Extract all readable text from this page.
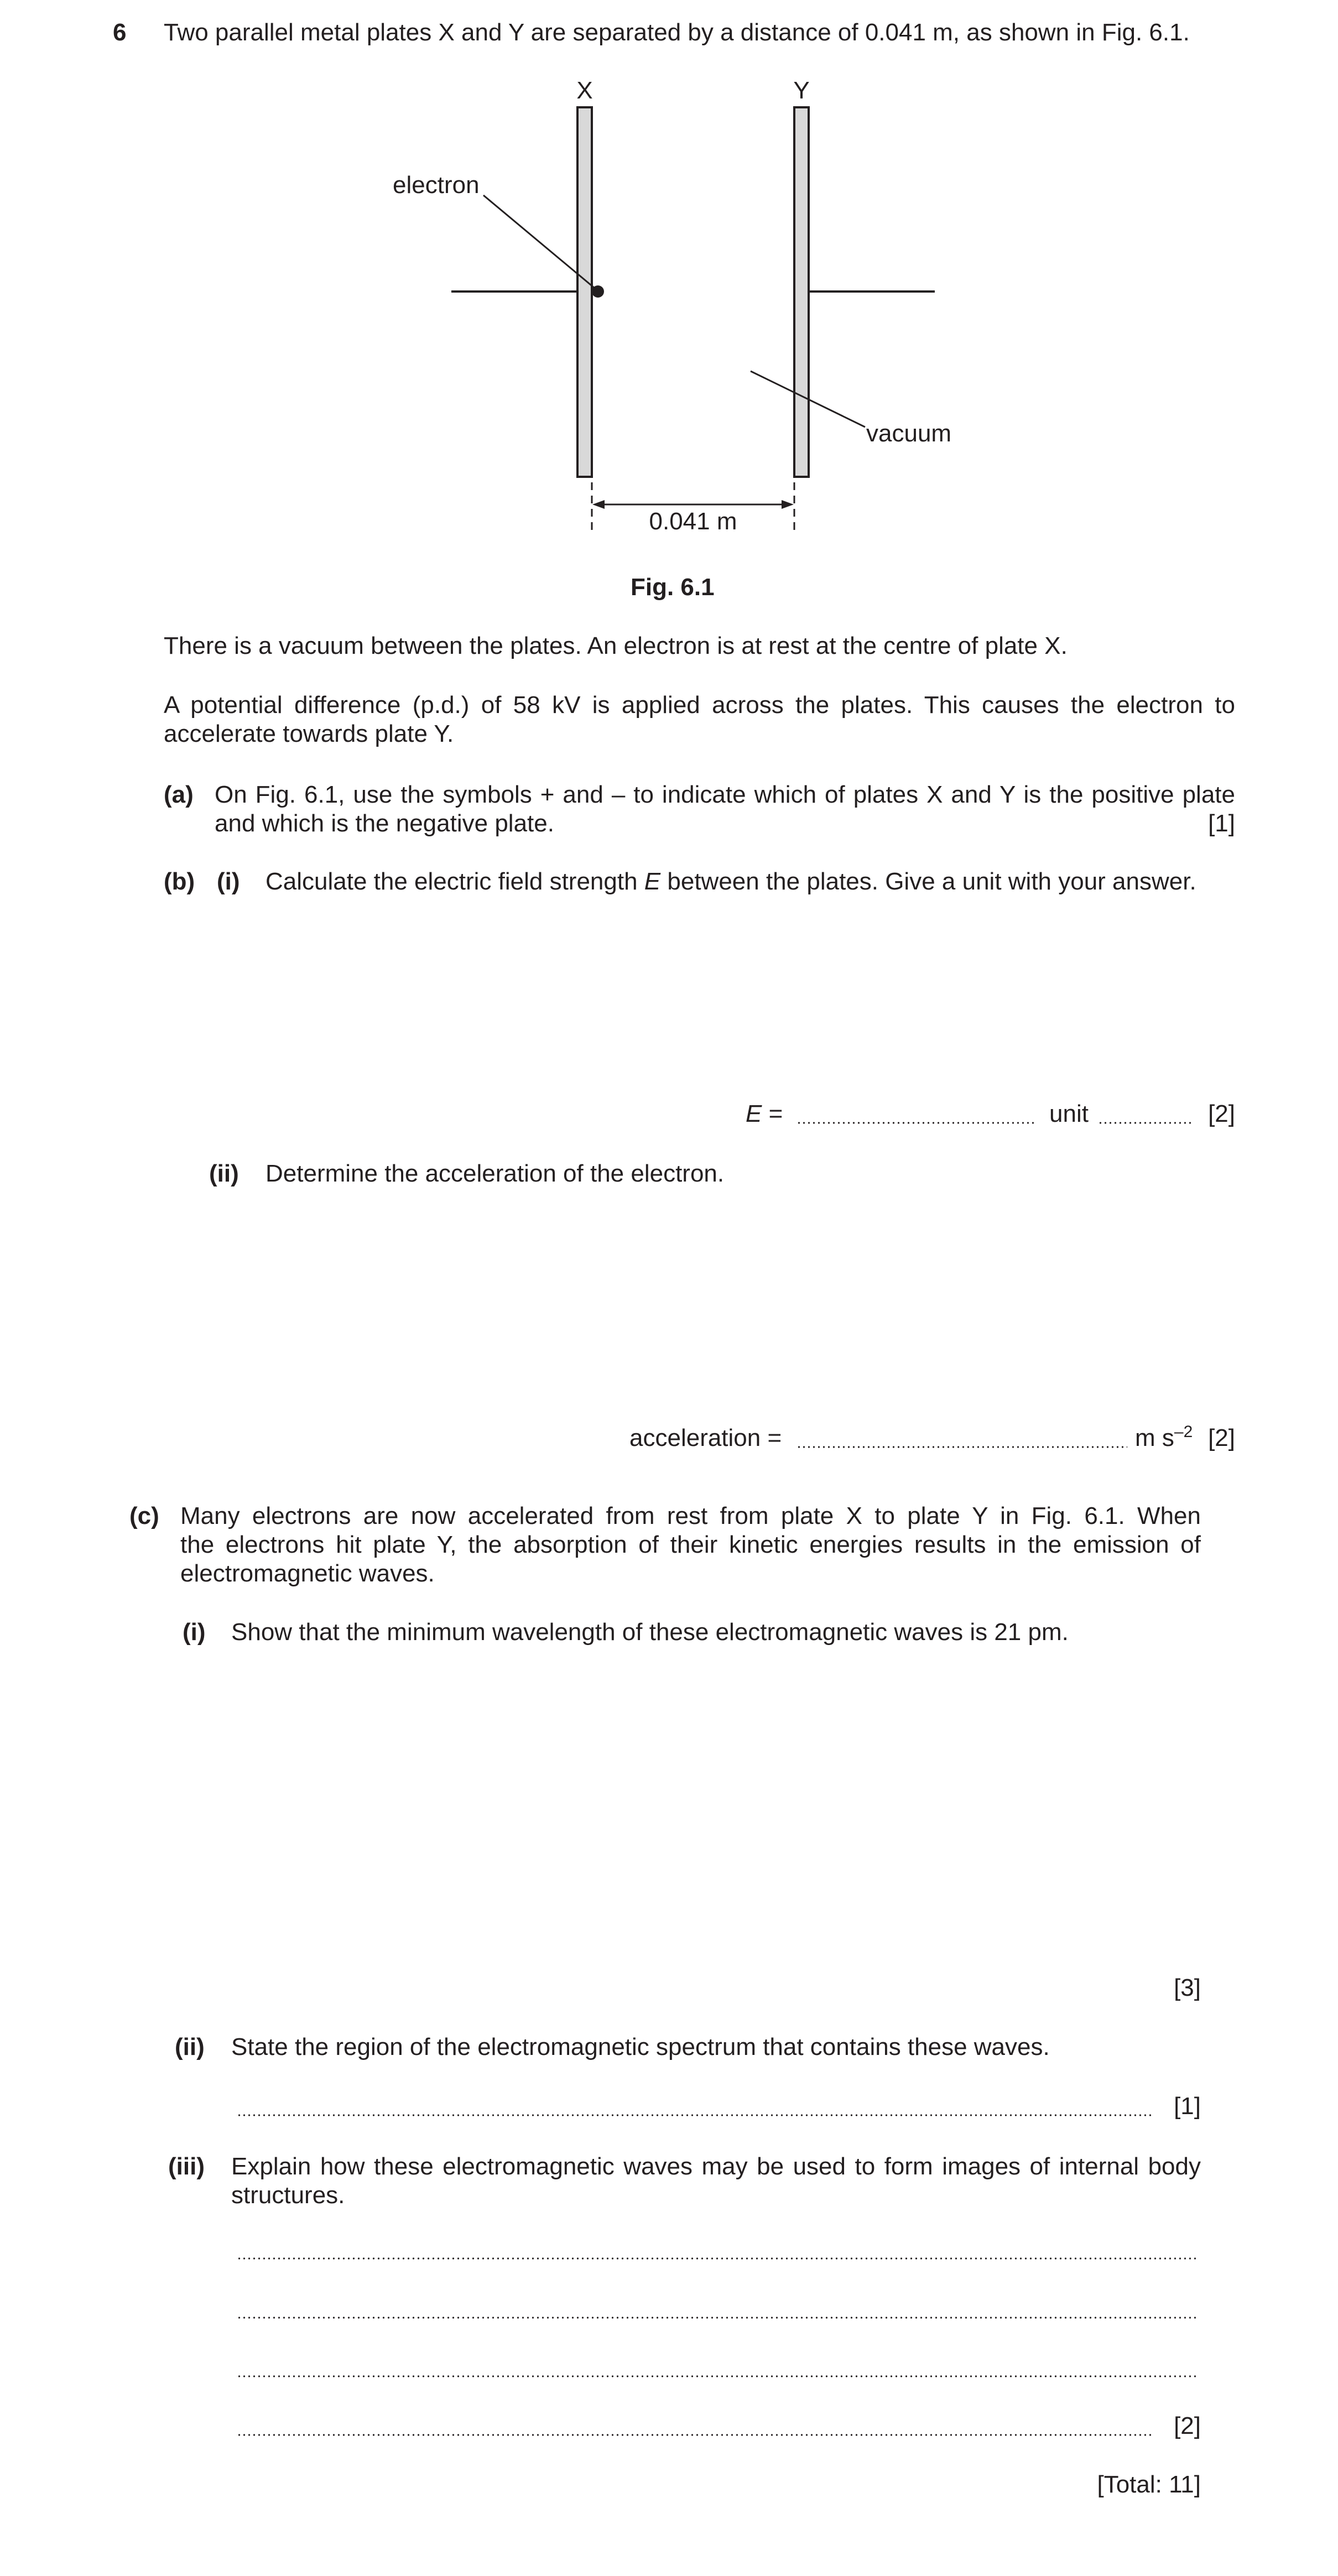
6 Two parallel metal plates X and Y are separated by a distance of 0.041 m, as shown in Fig. 6.1.
X	Y
electron
vacuum
0.041 m
Fig. 6.1
There is a vacuum between the plates. An electron is at rest at the centre of plate X.
A potential difference (p.d.) of 58 kV is applied across the plates. This causes the electron to
accelerate towards plate Y.
(a) On Fig. 6.1, use the symbols + and – to indicate which of plates X and Y is the positive plate
and which is the negative plate.	[1]
(b) (i) Calculate the electric field strength E between the plates. Give a unit with your answer.
E =	unit	[2]
(ii) Determine the acceleration of the electron.
acceleration =	m $s^{-2}$ [2]
(c) Many electrons are now accelerated from rest from plate X to plate Y in Fig. 6.1. When
the electrons hit plate Y, the absorption of their kinetic energies results in the emission of
electromagnetic waves.
(i) Show that the minimum wavelength of these electromagnetic waves is 21 pm.
[3]
(ii) State the region of the electromagnetic spectrum that contains these waves.
[1]
(iii) Explain how these electromagnetic waves may be used to form images of internal body
structures.
[2]
[Total: 11]
